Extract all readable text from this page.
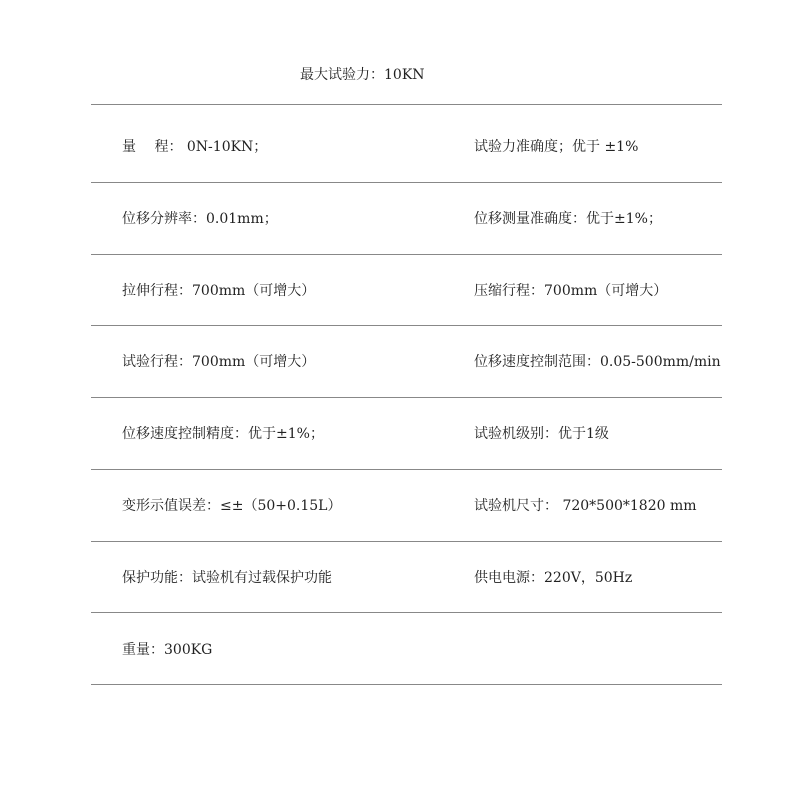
最大试验力：10KN
量　 程： 0N-10KN；	试验力准确度；优于 ±1%
位移分辨率：0.01mm；	位移测量准确度：优于±1%；
拉伸行程：700mm（可增大）	压缩行程：700mm（可增大）
试验行程：700mm（可增大）	位移速度控制范围：0.05-500mm/min
位移速度控制精度：优于±1%；	试验机级别：优于1级
变形示值误差：≤±（50+0.15L）	试验机尺寸： 720*500*1820 mm
保护功能：试验机有过载保护功能	供电电源：220V，50Hz
重量：300KG
